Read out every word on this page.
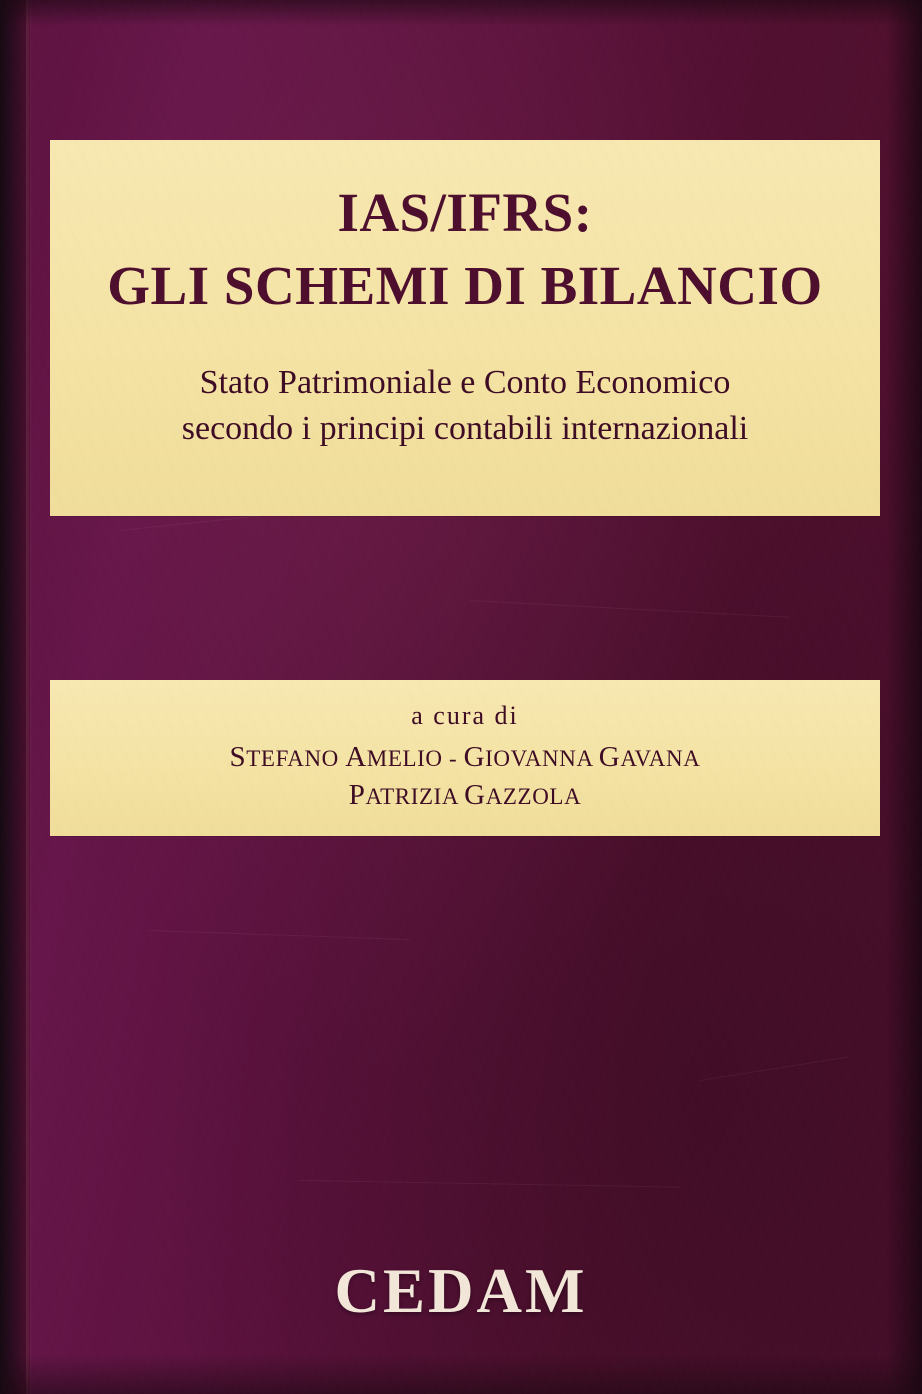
IAS/IFRS:
GLI SCHEMI DI BILANCIO
Stato Patrimoniale e Conto Economico
secondo i principi contabili internazionali
a cura di
STEFANO AMELIO - GIOVANNA GAVANA
PATRIZIA GAZZOLA
CEDAM
